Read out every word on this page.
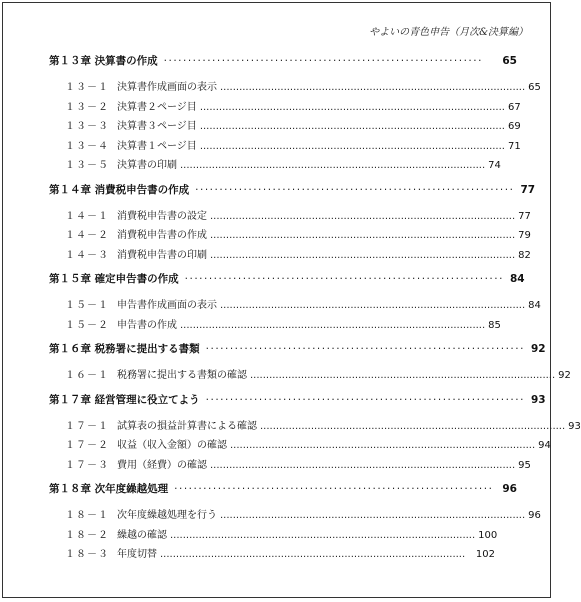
やよいの青色申告（月次&決算編）
第１３章 決算書の作成 ··································································	65
１３－１ 決算書作成画面の表示 ................................................................................................ 65
１３－２ 決算書２ページ目 ................................................................................................ 67
１３－３ 決算書３ページ目 ................................................................................................ 69
１３－４ 決算書１ページ目 ................................................................................................ 71
１３－５ 決算書の印刷 ................................................................................................ 74
第１４章 消費税申告書の作成 ·································································· 77
１４－１ 消費税申告書の設定 ................................................................................................ 77
１４－２ 消費税申告書の作成 ................................................................................................ 79
１４－３ 消費税申告書の印刷 ................................................................................................ 82
第１５章 確定申告書の作成 ·································································· 84
１５－１ 申告書作成画面の表示 ................................................................................................ 84
１５－２ 申告書の作成 ................................................................................................ 85
第１６章 税務署に提出する書類 ·································································· 92
１６－１ 税務署に提出する書類の確認 ................................................................................................ 92
第１７章 経営管理に役立てよう ·································································· 93
１７－１ 試算表の損益計算書による確認 ................................................................................................ 93
１７－２ 収益（収入金額）の確認 ................................................................................................ 94
１７－３ 費用（経費）の確認 ................................................................................................ 95
第１８章 次年度繰越処理 ·································································· 96
１８－１ 次年度繰越処理を行う ................................................................................................ 96
１８－２ 繰越の確認 ................................................................................................ 100
１８－３ 年度切替 ................................................................................................	102
